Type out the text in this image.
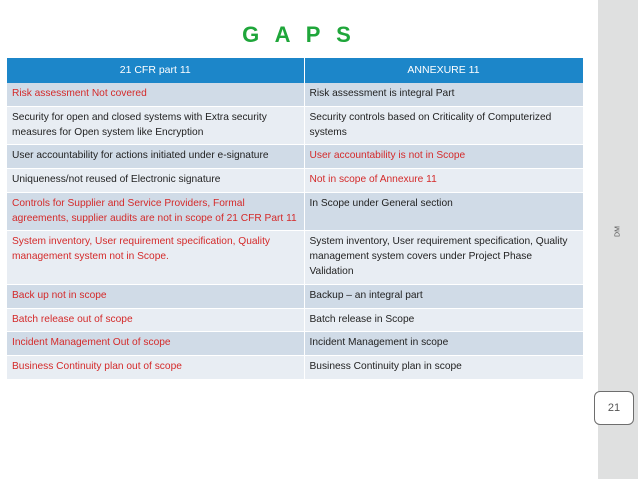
G A P S
DM
21
21 CFR part 11	ANNEXURE 11
Risk assessment Not covered	Risk assessment is integral Part
Security for open and closed systems with Extra security measures for Open system like Encryption	Security controls based on Criticality of Computerized systems
User accountability for actions initiated under e-signature	User accountability is not in Scope
Uniqueness/not reused of Electronic signature	Not in scope of Annexure 11
Controls for Supplier and Service Providers, Formal agreements, supplier audits are not in scope of 21 CFR Part 11	In Scope under General section
System inventory, User requirement specification, Quality management system not in Scope.	System inventory, User requirement specification, Quality management system covers under Project Phase Validation
Back up not in scope	Backup – an integral part
Batch release out of scope	Batch release in Scope
Incident Management Out of scope	Incident Management in scope
Business Continuity plan out of scope	Business Continuity plan in scope
